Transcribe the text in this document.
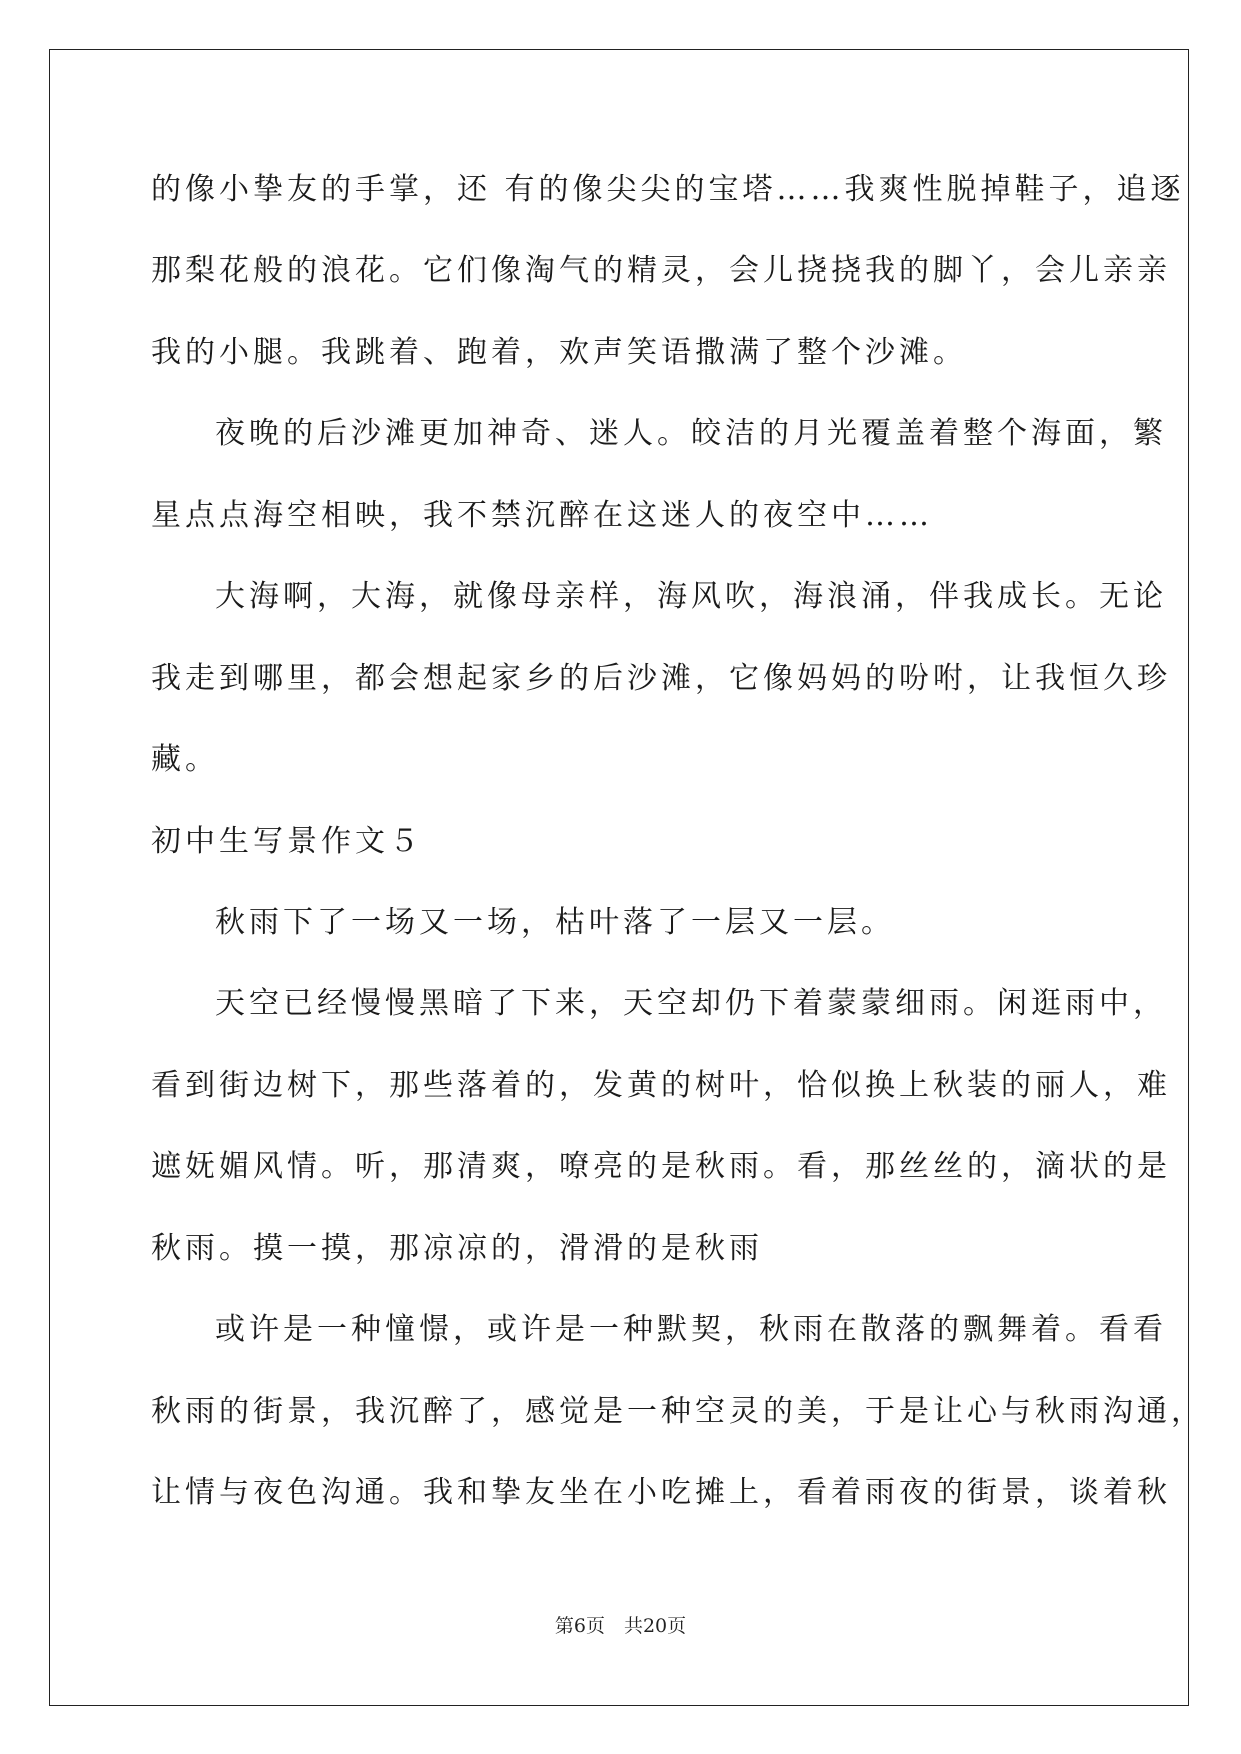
的像小挚友的手掌，还 有的像尖尖的宝塔……我爽性脱掉鞋子，追逐
那梨花般的浪花。它们像淘气的精灵，会儿挠挠我的脚丫，会儿亲亲
我的小腿。我跳着、跑着，欢声笑语撒满了整个沙滩。
夜晚的后沙滩更加神奇、迷人。皎洁的月光覆盖着整个海面，繁
星点点海空相映，我不禁沉醉在这迷人的夜空中……
大海啊，大海，就像母亲样，海风吹，海浪涌，伴我成长。无论
我走到哪里，都会想起家乡的后沙滩，它像妈妈的吩咐，让我恒久珍
藏。
初中生写景作文５
秋雨下了一场又一场，枯叶落了一层又一层。
天空已经慢慢黑暗了下来，天空却仍下着蒙蒙细雨。闲逛雨中，
看到街边树下，那些落着的，发黄的树叶，恰似换上秋装的丽人，难
遮妩媚风情。听，那清爽，嘹亮的是秋雨。看，那丝丝的，滴状的是
秋雨。摸一摸，那凉凉的，滑滑的是秋雨
或许是一种憧憬，或许是一种默契，秋雨在散落的飘舞着。看看
秋雨的街景，我沉醉了，感觉是一种空灵的美，于是让心与秋雨沟通，
让情与夜色沟通。我和挚友坐在小吃摊上，看着雨夜的街景，谈着秋
第6页　共20页
